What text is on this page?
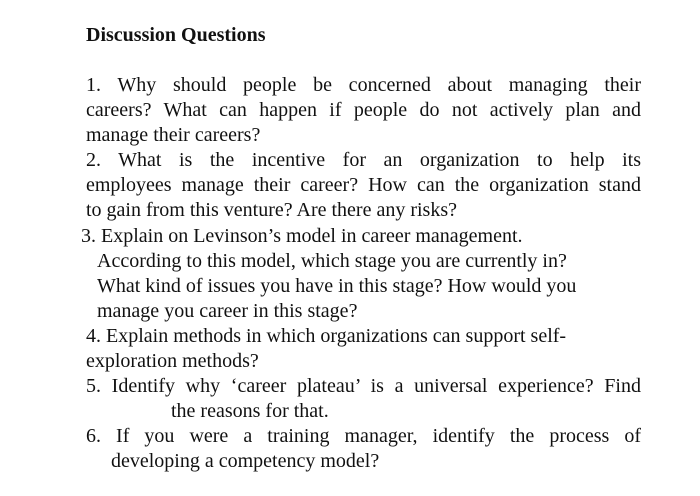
Discussion Questions
1. Why should people be concerned about managing their
careers? What can happen if people do not actively plan and
manage their careers?
2. What is the incentive for an organization to help its
employees manage their career? How can the organization stand
to gain from this venture? Are there any risks?
3. Explain on Levinson’s model in career management.
According to this model, which stage you are currently in?
What kind of issues you have in this stage? How would you
manage you career in this stage?
4. Explain methods in which organizations can support self-
exploration methods?
5. Identify why ‘career plateau’ is a universal experience? Find
the reasons for that.
6. If you were a training manager, identify the process of
developing a competency model?
